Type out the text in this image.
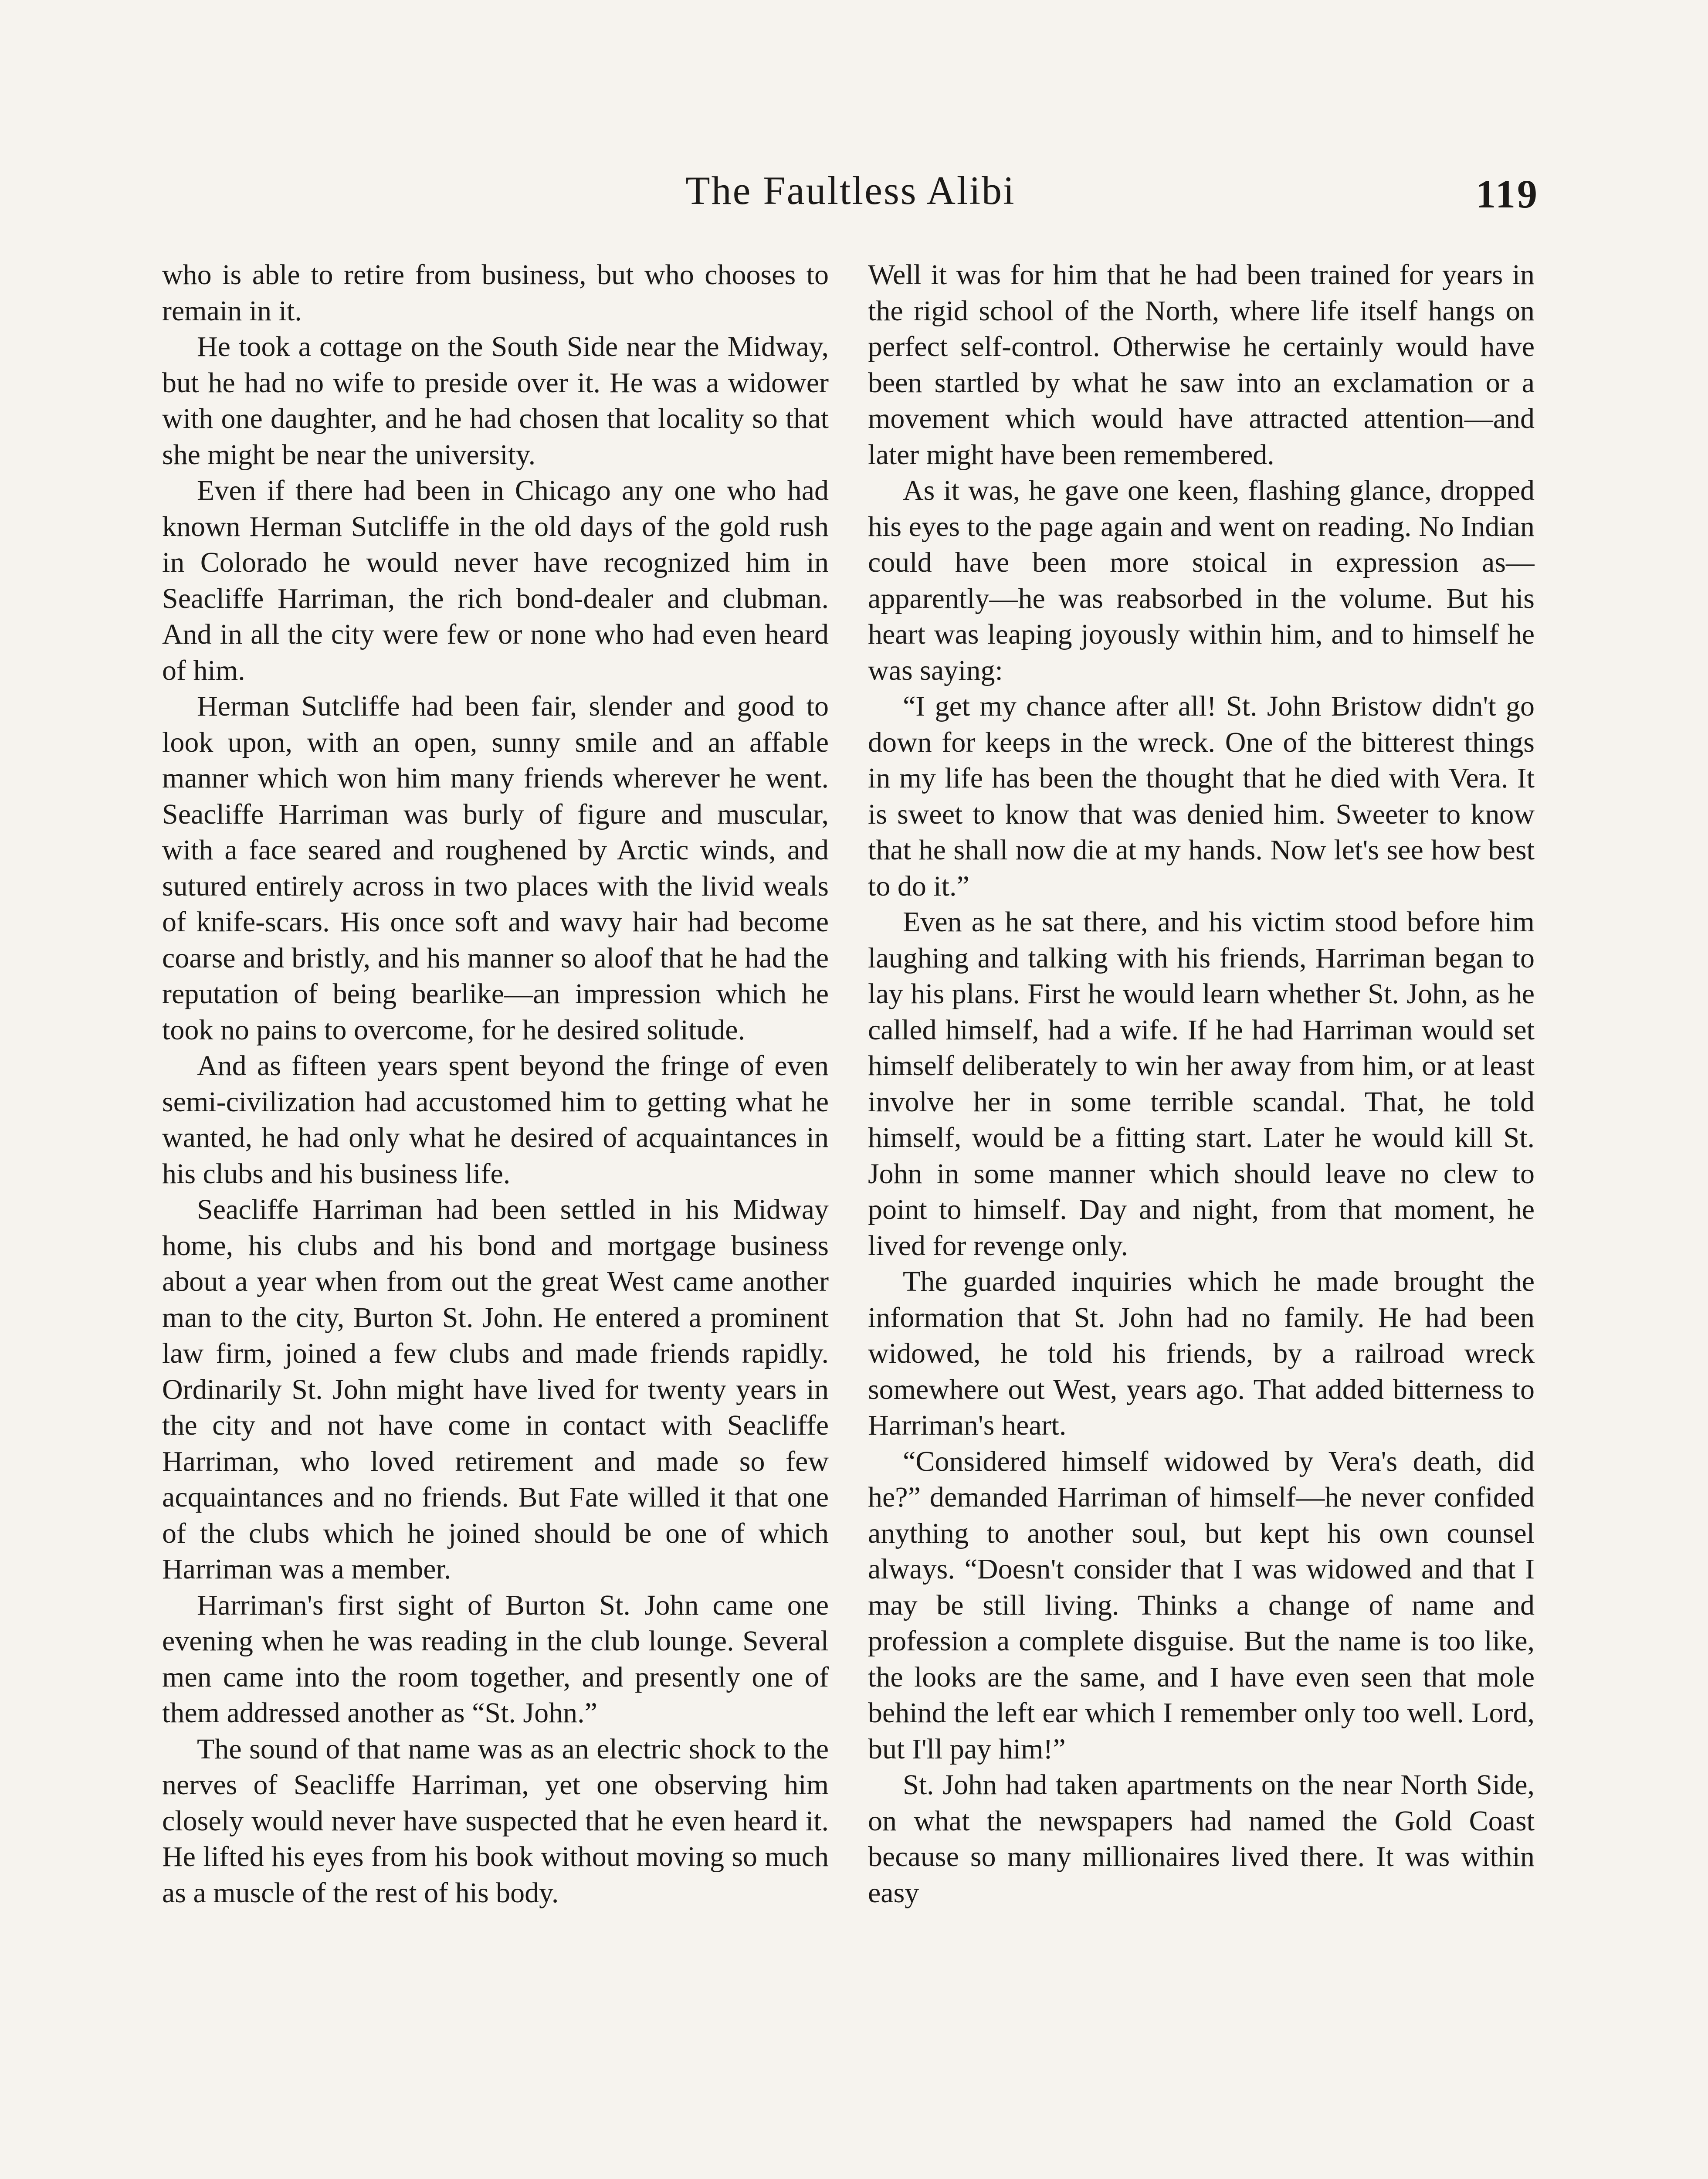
The Faultless Alibi	119

who is able to retire from business, but who chooses to remain in it.

He took a cottage on the South Side near the Midway, but he had no wife to preside over it. He was a widower with one daughter, and he had chosen that locality so that she might be near the university.

Even if there had been in Chicago any one who had known Herman Sutcliffe in the old days of the gold rush in Colorado he would never have recognized him in Seacliffe Harriman, the rich bond-dealer and clubman. And in all the city were few or none who had even heard of him.

Herman Sutcliffe had been fair, slender and good to look upon, with an open, sunny smile and an affable manner which won him many friends wherever he went. Seacliffe Harriman was burly of figure and muscular, with a face seared and roughened by Arctic winds, and sutured entirely across in two places with the livid weals of knife-scars. His once soft and wavy hair had become coarse and bristly, and his manner so aloof that he had the reputation of being bearlike—an impression which he took no pains to overcome, for he desired solitude.

And as fifteen years spent beyond the fringe of even semi-civilization had accustomed him to getting what he wanted, he had only what he desired of acquaintances in his clubs and his business life.

Seacliffe Harriman had been settled in his Midway home, his clubs and his bond and mortgage business about a year when from out the great West came another man to the city, Burton St. John. He entered a prominent law firm, joined a few clubs and made friends rapidly. Ordinarily St. John might have lived for twenty years in the city and not have come in contact with Seacliffe Harriman, who loved retirement and made so few acquaintances and no friends. But Fate willed it that one of the clubs which he joined should be one of which Harriman was a member.

Harriman's first sight of Burton St. John came one evening when he was reading in the club lounge. Several men came into the room together, and presently one of them addressed another as “St. John.”

The sound of that name was as an electric shock to the nerves of Seacliffe Harriman, yet one observing him closely would never have suspected that he even heard it. He lifted his eyes from his book without moving so much as a muscle of the rest of his body.

Well it was for him that he had been trained for years in the rigid school of the North, where life itself hangs on perfect self-control. Otherwise he certainly would have been startled by what he saw into an exclamation or a movement which would have attracted attention—and later might have been remembered.

As it was, he gave one keen, flashing glance, dropped his eyes to the page again and went on reading. No Indian could have been more stoical in expression as—apparently—he was reabsorbed in the volume. But his heart was leaping joyously within him, and to himself he was saying:

“I get my chance after all! St. John Bristow didn't go down for keeps in the wreck. One of the bitterest things in my life has been the thought that he died with Vera. It is sweet to know that was denied him. Sweeter to know that he shall now die at my hands. Now let's see how best to do it.”

Even as he sat there, and his victim stood before him laughing and talking with his friends, Harriman began to lay his plans. First he would learn whether St. John, as he called himself, had a wife. If he had Harriman would set himself deliberately to win her away from him, or at least involve her in some terrible scandal. That, he told himself, would be a fitting start. Later he would kill St. John in some manner which should leave no clew to point to himself. Day and night, from that moment, he lived for revenge only.

The guarded inquiries which he made brought the information that St. John had no family. He had been widowed, he told his friends, by a railroad wreck somewhere out West, years ago. That added bitterness to Harriman's heart.

“Considered himself widowed by Vera's death, did he?” demanded Harriman of himself—he never confided anything to another soul, but kept his own counsel always. “Doesn't consider that I was widowed and that I may be still living. Thinks a change of name and profession a complete disguise. But the name is too like, the looks are the same, and I have even seen that mole behind the left ear which I remember only too well. Lord, but I'll pay him!”

St. John had taken apartments on the near North Side, on what the newspapers had named the Gold Coast because so many millionaires lived there. It was within easy
